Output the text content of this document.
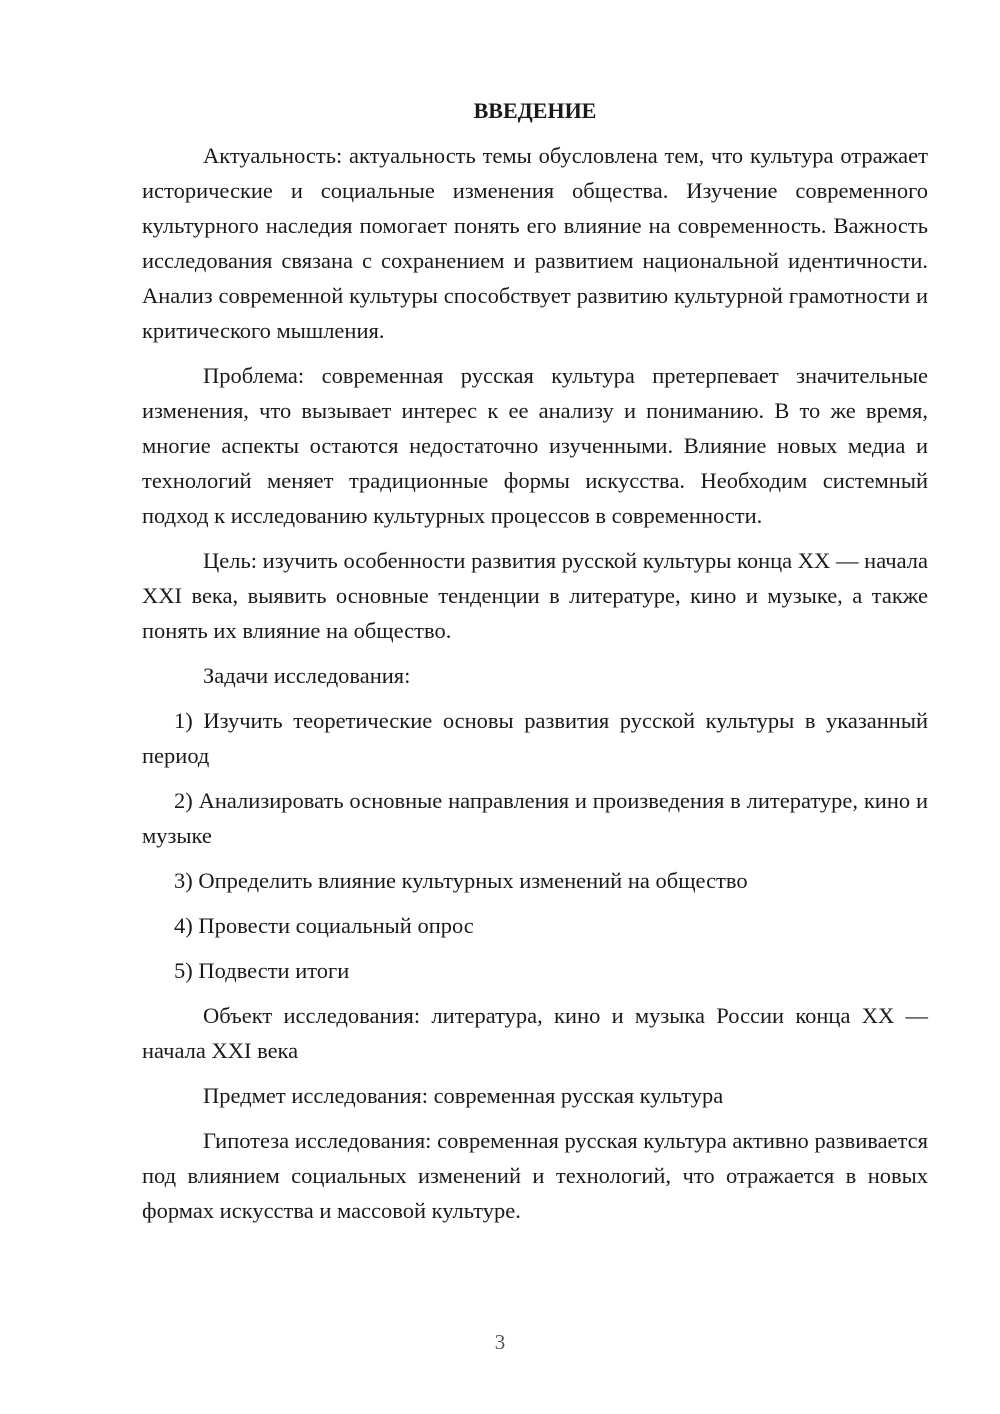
ВВЕДЕНИЕ

Актуальность: актуальность темы обусловлена тем, что культура отражает исторические и социальные изменения общества. Изучение современного культурного наследия помогает понять его влияние на современность. Важность исследования связана с сохранением и развитием национальной идентичности. Анализ современной культуры способствует развитию культурной грамотности и критического мышления.

Проблема: современная русская культура претерпевает значительные изменения, что вызывает интерес к ее анализу и пониманию. В то же время, многие аспекты остаются недостаточно изученными. Влияние новых медиа и технологий меняет традиционные формы искусства. Необходим системный подход к исследованию культурных процессов в современности.

Цель: изучить особенности развития русской культуры конца XX — начала XXI века, выявить основные тенденции в литературе, кино и музыке, а также понять их влияние на общество.

Задачи исследования:

1) Изучить теоретические основы развития русской культуры в указанный период

2) Анализировать основные направления и произведения в литературе, кино и музыке

3) Определить влияние культурных изменений на общество

4) Провести социальный опрос

5) Подвести итоги

Объект исследования: литература, кино и музыка России конца XX — начала XXI века

Предмет исследования: современная русская культура

Гипотеза исследования: современная русская культура активно развивается под влиянием социальных изменений и технологий, что отражается в новых формах искусства и массовой культуре.

3
